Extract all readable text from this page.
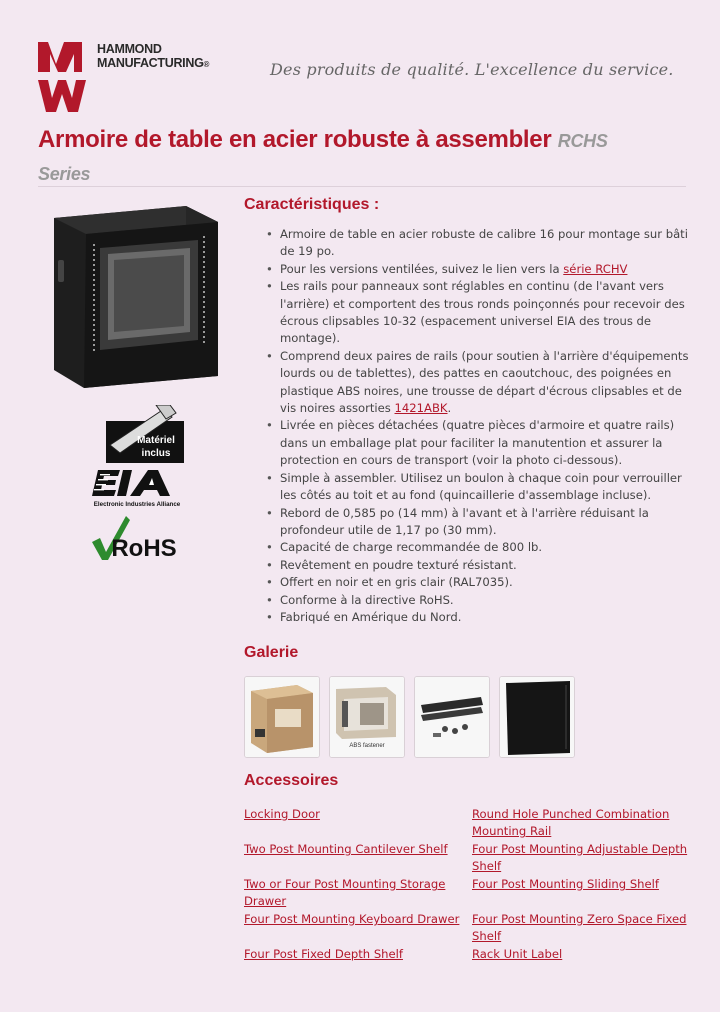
HAMMOND
MANUFACTURING®	Des produits de qualité. L'excellence du service.
Armoire de table en acier robuste à assembler RCHS
Series
Matériel
inclus
Electronic Industries Alliance
RoHS
Caractéristiques :
• Armoire de table en acier robuste de calibre 16 pour montage sur bâti de 19 po.
• Pour les versions ventilées, suivez le lien vers la série RCHV
• Les rails pour panneaux sont réglables en continu (de l'avant vers l'arrière) et comportent des trous ronds poinçonnés pour recevoir des écrous clipsables 10-32 (espacement universel EIA des trous de montage).
• Comprend deux paires de rails (pour soutien à l'arrière d'équipements lourds ou de tablettes), des pattes en caoutchouc, des poignées en plastique ABS noires, une trousse de départ d'écrous clipsables et de vis noires assorties 1421ABK.
• Livrée en pièces détachées (quatre pièces d'armoire et quatre rails) dans un emballage plat pour faciliter la manutention et assurer la protection en cours de transport (voir la photo ci-dessous).
• Simple à assembler. Utilisez un boulon à chaque coin pour verrouiller les côtés au toit et au fond (quincaillerie d'assemblage incluse).
• Rebord de 0,585 po (14 mm) à l'avant et à l'arrière réduisant la profondeur utile de 1,17 po (30 mm).
• Capacité de charge recommandée de 800 lb.
• Revêtement en poudre texturé résistant.
• Offert en noir et en gris clair (RAL7035).
• Conforme à la directive RoHS.
• Fabriqué en Amérique du Nord.
Galerie
ABS fastener
Accessoires
Locking Door
Two Post Mounting Cantilever Shelf
Two or Four Post Mounting Storage Drawer
Four Post Mounting Keyboard Drawer
Four Post Fixed Depth Shelf
Round Hole Punched Combination Mounting Rail
Four Post Mounting Adjustable Depth Shelf
Four Post Mounting Sliding Shelf
Four Post Mounting Zero Space Fixed Shelf
Rack Unit Label
